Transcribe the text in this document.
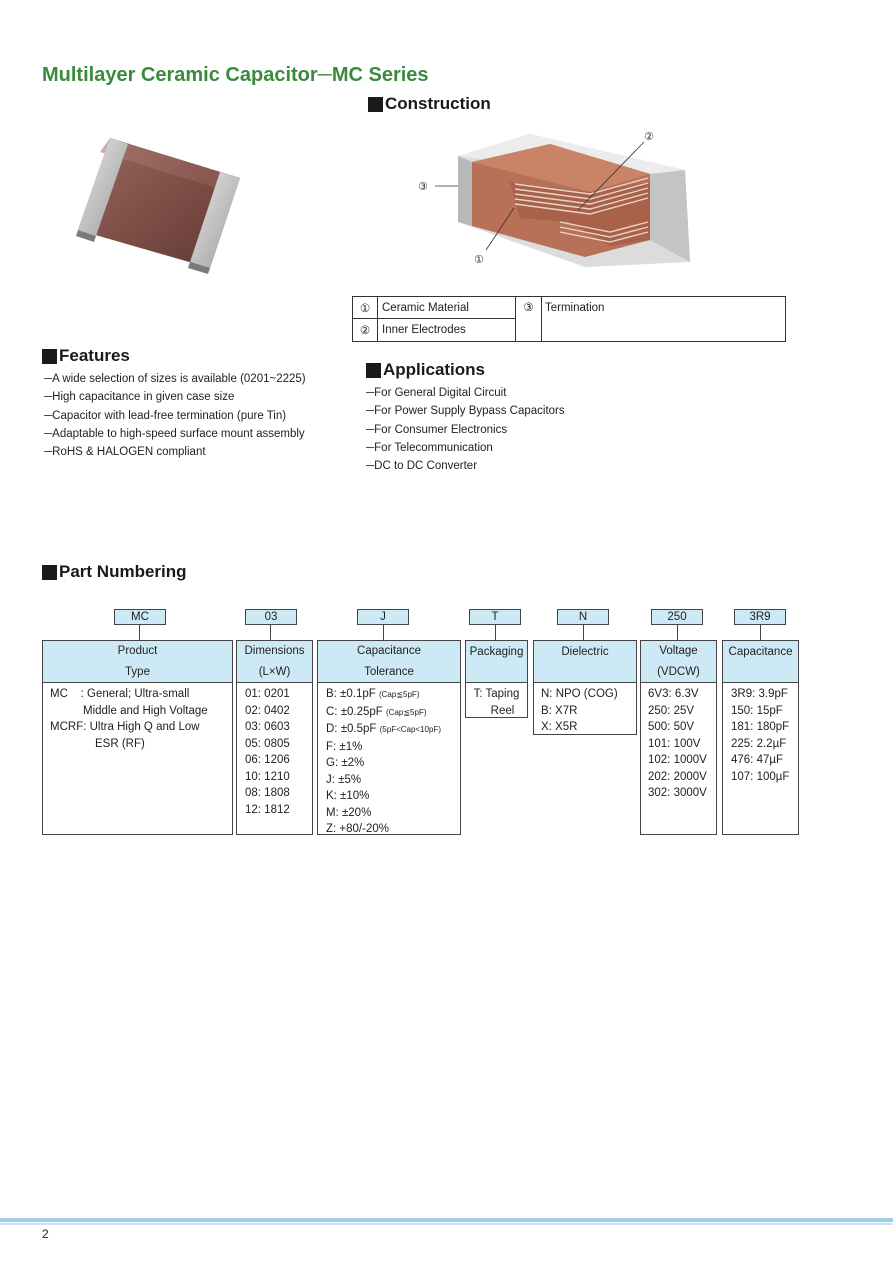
Multilayer Ceramic Capacitor─MC Series
Construction
③
②
①
①	Ceramic Material
②	Inner Electrodes
③ Termination
Features
─A wide selection of sizes is available (0201~2225)
─High capacitance in given case size
─Capacitor with lead-free termination (pure Tin)
─Adaptable to high-speed surface mount assembly
─RoHS & HALOGEN compliant
Applications
─For General Digital Circuit
─For Power Supply Bypass Capacitors
─For Consumer Electronics
─For Telecommunication
─DC to DC Converter
Part Numbering
MC	03	J	T	N	250	3R9
Product
Type
MC    : General; Ultra-small
Middle and High Voltage
MCRF: Ultra High Q and Low
ESR (RF)
Dimensions
(L×W)
01: 0201
02: 0402
03: 0603
05: 0805
06: 1206
10: 1210
08: 1808
12: 1812
Capacitance
Tolerance
B: ±0.1pF (Cap≦5pF)
C: ±0.25pF (Cap≦5pF)
D: ±0.5pF (5pF<Cap<10pF)
F: ±1%
G: ±2%
J: ±5%
K: ±10%
M: ±20%
Z: +80/-20%
Packaging
T: Taping
Reel
Dielectric
N: NPO (COG)
B: X7R
X: X5R
Voltage
(VDCW)
6V3: 6.3V
250: 25V
500: 50V
101: 100V
102: 1000V
202: 2000V
302: 3000V
Capacitance
3R9: 3.9pF
150: 15pF
181: 180pF
225: 2.2µF
476: 47µF
107: 100µF
2
